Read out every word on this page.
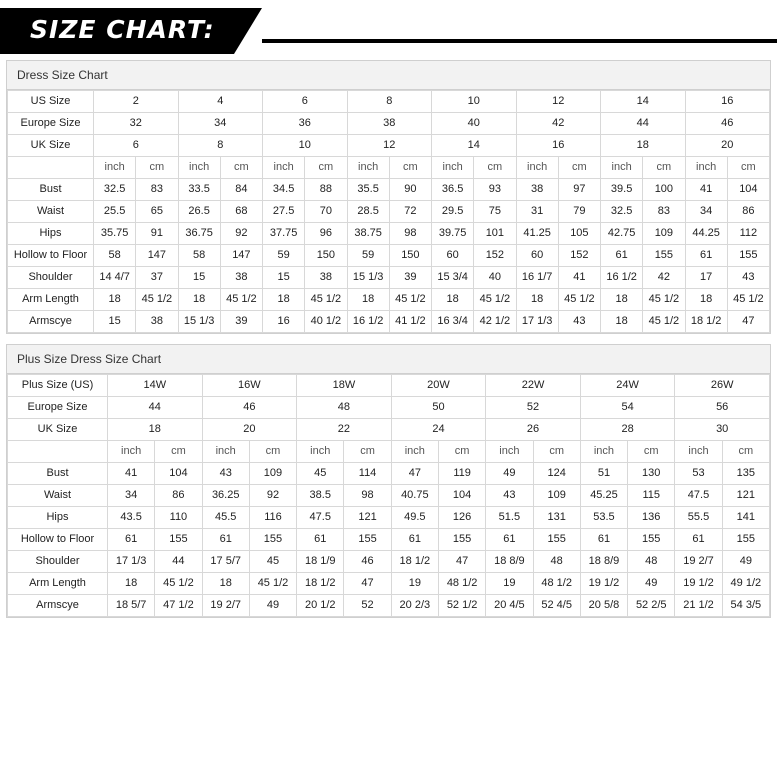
SIZE CHART:
Dress Size Chart
US Size	2		4		6		8		10		12		14		16	
Europe Size	32		34		36		38		40		42		44		46	
UK Size	6		8		10		12		14		16		18		20	
	inch	cm	inch	cm	inch	cm	inch	cm	inch	cm	inch	cm	inch	cm	inch	cm
Bust	32.5	83	33.5	84	34.5	88	35.5	90	36.5	93	38	97	39.5	100	41	104
Waist	25.5	65	26.5	68	27.5	70	28.5	72	29.5	75	31	79	32.5	83	34	86
Hips	35.75	91	36.75	92	37.75	96	38.75	98	39.75	101	41.25	105	42.75	109	44.25	112
Hollow to Floor	58	147	58	147	59	150	59	150	60	152	60	152	61	155	61	155
Shoulder	14 4/7	37	15	38	15	38	15 1/3	39	15 3/4	40	16 1/7	41	16 1/2	42	17	43
Arm Length	18	45 1/2	18	45 1/2	18	45 1/2	18	45 1/2	18	45 1/2	18	45 1/2	18	45 1/2	18	45 1/2
Armscye	15	38	15 1/3	39	16	40 1/2	16 1/2	41 1/2	16 3/4	42 1/2	17 1/3	43	18	45 1/2	18 1/2	47
Plus Size Dress Size Chart
Plus Size (US)	14W		16W		18W		20W		22W		24W		26W	
Europe Size	44		46		48		50		52		54		56	
UK Size	18		20		22		24		26		28		30	
	inch	cm	inch	cm	inch	cm	inch	cm	inch	cm	inch	cm	inch	cm
Bust	41	104	43	109	45	114	47	119	49	124	51	130	53	135
Waist	34	86	36.25	92	38.5	98	40.75	104	43	109	45.25	115	47.5	121
Hips	43.5	110	45.5	116	47.5	121	49.5	126	51.5	131	53.5	136	55.5	141
Hollow to Floor	61	155	61	155	61	155	61	155	61	155	61	155	61	155
Shoulder	17 1/3	44	17 5/7	45	18 1/9	46	18 1/2	47	18 8/9	48	18 8/9	48	19 2/7	49
Arm Length	18	45 1/2	18	45 1/2	18 1/2	47	19	48 1/2	19	48 1/2	19 1/2	49	19 1/2	49 1/2
Armscye	18 5/7	47 1/2	19 2/7	49	20 1/2	52	20 2/3	52 1/2	20 4/5	52 4/5	20 5/8	52 2/5	21 1/2	54 3/5
